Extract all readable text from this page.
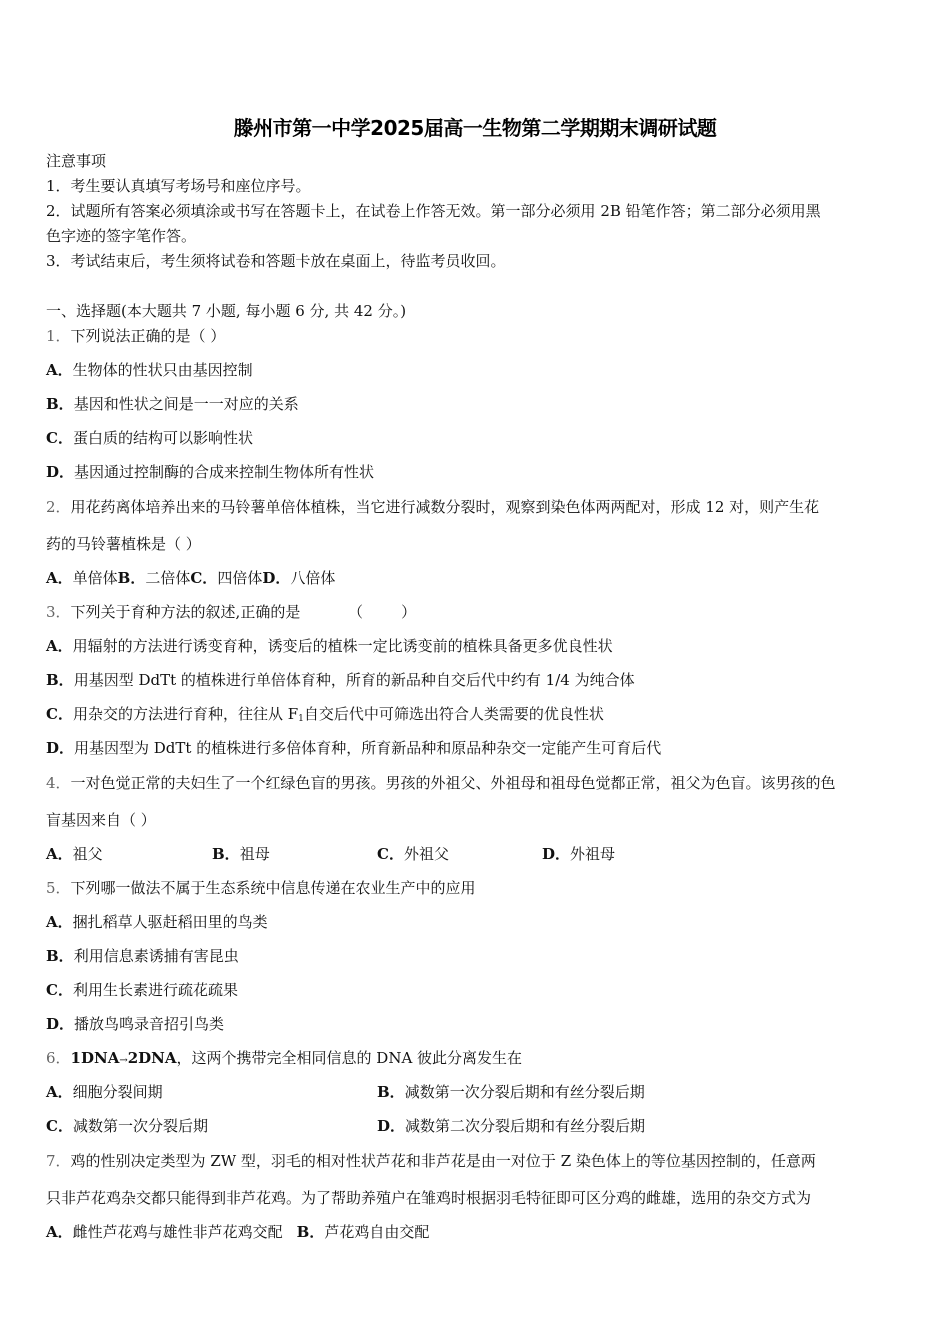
滕州市第一中学2025届高一生物第二学期期末调研试题
注意事项
1．考生要认真填写考场号和座位序号。
2．试题所有答案必须填涂或书写在答题卡上，在试卷上作答无效。第一部分必须用 2B 铅笔作答；第二部分必须用黑
色字迹的签字笔作答。
3．考试结束后，考生须将试卷和答题卡放在桌面上，待监考员收回。
一、选择题(本大题共 7 小题, 每小题 6 分, 共 42 分。)
1．下列说法正确的是（ ）
A．生物体的性状只由基因控制
B．基因和性状之间是一一对应的关系
C．蛋白质的结构可以影响性状
D．基因通过控制酶的合成来控制生物体所有性状
2．用花药离体培养出来的马铃薯单倍体植株，当它进行减数分裂时，观察到染色体两两配对，形成 12 对，则产生花
药的马铃薯植株是（ ）
A．单倍体B．二倍体C．四倍体D．八倍体
3．下列关于育种方法的叙述,正确的是          （        ）
A．用辐射的方法进行诱变育种，诱变后的植株一定比诱变前的植株具备更多优良性状
B．用基因型 DdTt 的植株进行单倍体育种，所育的新品种自交后代中约有 1/4 为纯合体
C．用杂交的方法进行育种，往往从 $F_1$自交后代中可筛选出符合人类需要的优良性状
D．用基因型为 DdTt 的植株进行多倍体育种，所育新品种和原品种杂交一定能产生可育后代
4．一对色觉正常的夫妇生了一个红绿色盲的男孩。男孩的外祖父、外祖母和祖母色觉都正常，祖父为色盲。该男孩的色
盲基因来自（ ）
A．祖父	B．祖母	C．外祖父	D．外祖母
5．下列哪一做法不属于生态系统中信息传递在农业生产中的应用
A．捆扎稻草人驱赶稻田里的鸟类
B．利用信息素诱捕有害昆虫
C．利用生长素进行疏花疏果
D．播放鸟鸣录音招引鸟类
6．1DNA→2DNA，这两个携带完全相同信息的 DNA 彼此分离发生在
A．细胞分裂间期	B．减数第一次分裂后期和有丝分裂后期
C．减数第一次分裂后期	D．减数第二次分裂后期和有丝分裂后期
7．鸡的性别决定类型为 ZW 型，羽毛的相对性状芦花和非芦花是由一对位于 Z 染色体上的等位基因控制的，任意两
只非芦花鸡杂交都只能得到非芦花鸡。为了帮助养殖户在雏鸡时根据羽毛特征即可区分鸡的雌雄，选用的杂交方式为
A．雌性芦花鸡与雄性非芦花鸡交配 B．芦花鸡自由交配
